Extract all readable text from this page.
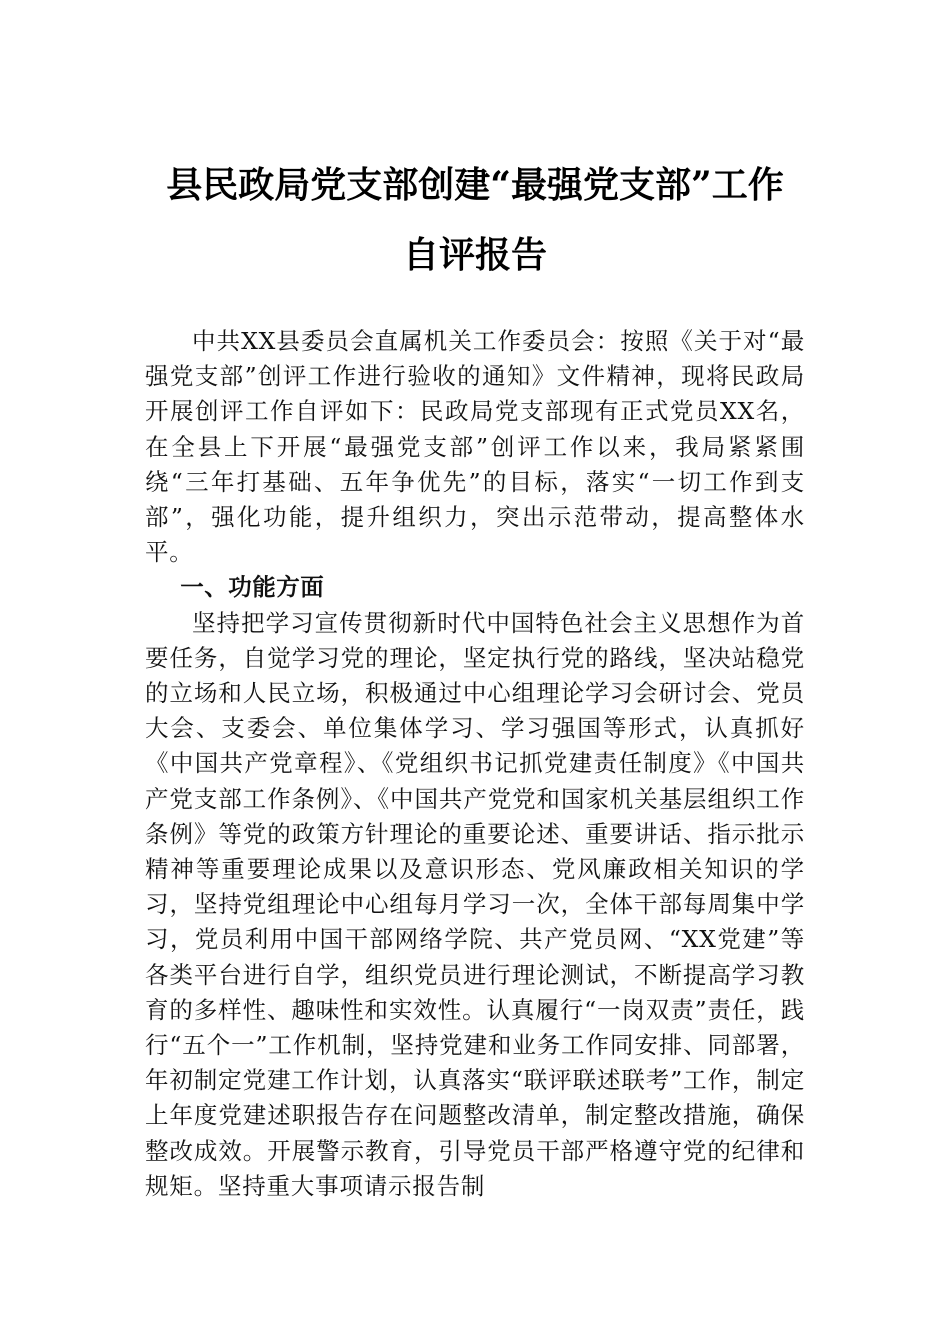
县民政局党支部创建“最强党支部”工作
自评报告

中共XX县委员会直属机关工作委员会：按照《关于对“最强党支部”创评工作进行验收的通知》文件精神，现将民政局开展创评工作自评如下：民政局党支部现有正式党员XX名，在全县上下开展“最强党支部”创评工作以来，我局紧紧围绕“三年打基础、五年争优先”的目标，落实“一切工作到支部”，强化功能，提升组织力，突出示范带动，提高整体水平。

一、功能方面

坚持把学习宣传贯彻新时代中国特色社会主义思想作为首要任务，自觉学习党的理论，坚定执行党的路线，坚决站稳党的立场和人民立场，积极通过中心组理论学习会研讨会、党员大会、支委会、单位集体学习、学习强国等形式，认真抓好《中国共产党章程》、《党组织书记抓党建责任制度》《中国共产党支部工作条例》、《中国共产党党和国家机关基层组织工作条例》等党的政策方针理论的重要论述、重要讲话、指示批示精神等重要理论成果以及意识形态、党风廉政相关知识的学习，坚持党组理论中心组每月学习一次，全体干部每周集中学习，党员利用中国干部网络学院、共产党员网、“XX党建”等各类平台进行自学，组织党员进行理论测试，不断提高学习教育的多样性、趣味性和实效性。认真履行“一岗双责”责任，践行“五个一”工作机制，坚持党建和业务工作同安排、同部署，年初制定党建工作计划，认真落实“联评联述联考”工作，制定上年度党建述职报告存在问题整改清单，制定整改措施，确保整改成效。开展警示教育，引导党员干部严格遵守党的纪律和规矩。坚持重大事项请示报告制
